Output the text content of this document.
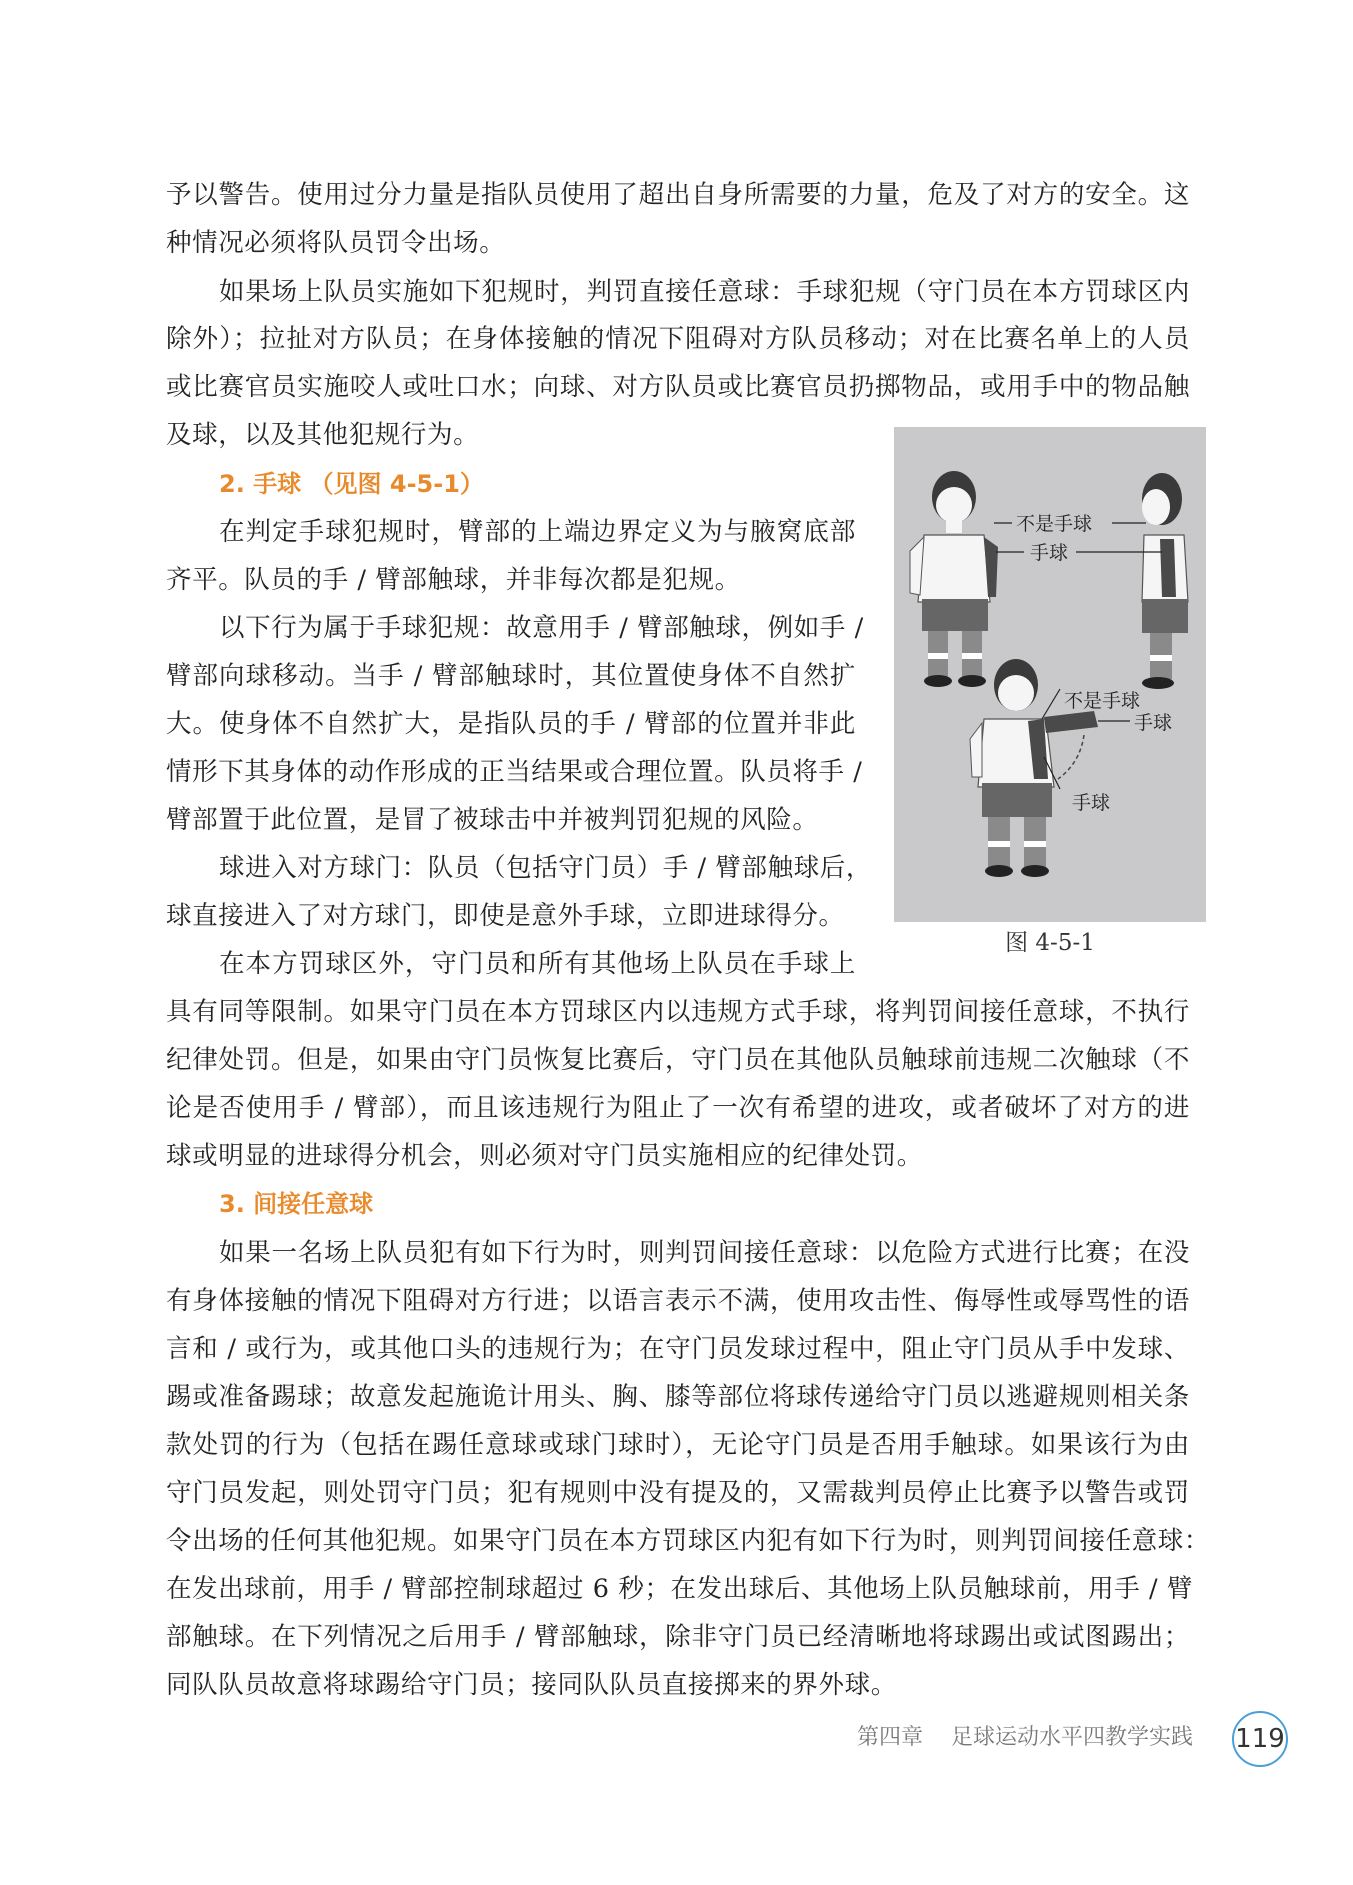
予以警告。使用过分力量是指队员使用了超出自身所需要的力量，危及了对方的安全。这

种情况必须将队员罚令出场。

如果场上队员实施如下犯规时，判罚直接任意球：手球犯规（守门员在本方罚球区内

除外）；拉扯对方队员；在身体接触的情况下阻碍对方队员移动；对在比赛名单上的人员

或比赛官员实施咬人或吐口水；向球、对方队员或比赛官员扔掷物品，或用手中的物品触

及球，以及其他犯规行为。

2. 手球 （见图 4-5-1）

在判定手球犯规时，臂部的上端边界定义为与腋窝底部

齐平。队员的手 / 臂部触球，并非每次都是犯规。

以下行为属于手球犯规：故意用手 / 臂部触球，例如手 /

臂部向球移动。当手 / 臂部触球时，其位置使身体不自然扩

大。使身体不自然扩大，是指队员的手 / 臂部的位置并非此

情形下其身体的动作形成的正当结果或合理位置。队员将手 /

臂部置于此位置，是冒了被球击中并被判罚犯规的风险。

球进入对方球门：队员（包括守门员）手 / 臂部触球后，

球直接进入了对方球门，即使是意外手球，立即进球得分。

在本方罚球区外，守门员和所有其他场上队员在手球上

具有同等限制。如果守门员在本方罚球区内以违规方式手球，将判罚间接任意球，不执行

纪律处罚。但是，如果由守门员恢复比赛后，守门员在其他队员触球前违规二次触球（不

论是否使用手 / 臂部），而且该违规行为阻止了一次有希望的进攻，或者破坏了对方的进

球或明显的进球得分机会，则必须对守门员实施相应的纪律处罚。

3. 间接任意球

如果一名场上队员犯有如下行为时，则判罚间接任意球：以危险方式进行比赛；在没

有身体接触的情况下阻碍对方行进；以语言表示不满，使用攻击性、侮辱性或辱骂性的语

言和 / 或行为，或其他口头的违规行为；在守门员发球过程中，阻止守门员从手中发球、

踢或准备踢球；故意发起施诡计用头、胸、膝等部位将球传递给守门员以逃避规则相关条

款处罚的行为（包括在踢任意球或球门球时），无论守门员是否用手触球。如果该行为由

守门员发起，则处罚守门员；犯有规则中没有提及的，又需裁判员停止比赛予以警告或罚

令出场的任何其他犯规。如果守门员在本方罚球区内犯有如下行为时，则判罚间接任意球：

在发出球前，用手 / 臂部控制球超过 6 秒；在发出球后、其他场上队员触球前，用手 / 臂

部触球。在下列情况之后用手 / 臂部触球，除非守门员已经清晰地将球踢出或试图踢出；

同队队员故意将球踢给守门员；接同队队员直接掷来的界外球。

不是手球
手球
不是手球
手球
手球
图 4-5-1
第四章 足球运动水平四教学实践 119
